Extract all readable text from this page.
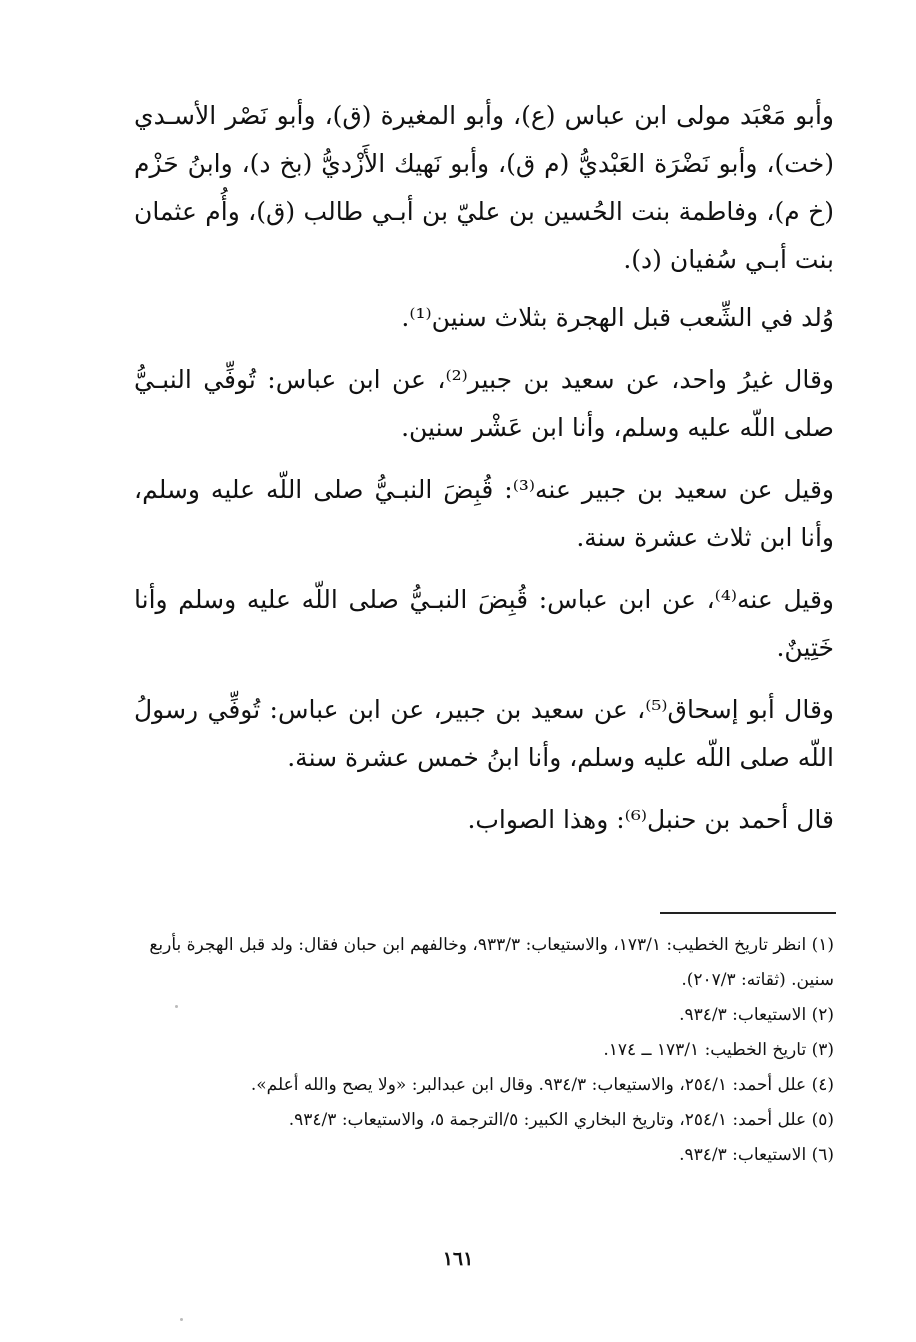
وأبو مَعْبَد مولى ابن عباس (ع)، وأبو المغيرة (ق)، وأبو نَصْر الأسـدي (خت)، وأبو نَضْرَة العَبْديُّ (م ق)، وأبو نَهيك الأَزْديُّ (بخ د)، وابنُ حَزْم (خ م)، وفاطمة بنت الحُسين بن عليّ بن أبـي طالب (ق)، وأُم عثمان بنت أبـي سُفيان (د).

وُلد في الشِّعب قبل الهجرة بثلاث سنين⁽¹⁾.

وقال غيرُ واحد، عن سعيد بن جبير⁽²⁾، عن ابن عباس: تُوفِّي النبـيُّ صلى اللّه عليه وسلم، وأنا ابن عَشْر سنين.

وقيل عن سعيد بن جبير عنه⁽³⁾: قُبِضَ النبـيُّ صلى اللّه عليه وسلم، وأنا ابن ثلاث عشرة سنة.

وقيل عنه⁽⁴⁾، عن ابن عباس: قُبِضَ النبـيُّ صلى اللّه عليه وسلم وأنا خَتِينٌ.

وقال أبو إسحاق⁽⁵⁾، عن سعيد بن جبير، عن ابن عباس: تُوفِّي رسولُ اللّه صلى اللّه عليه وسلم، وأنا ابنُ خمس عشرة سنة.

قال أحمد بن حنبل⁽⁶⁾: وهذا الصواب.

(١) انظر تاريخ الخطيب: ١٧٣/١، والاستيعاب: ٩٣٣/٣، وخالفهم ابن حبان فقال: ولد قبل الهجرة بأربع سنين. (ثقاته: ٢٠٧/٣).

(٢) الاستيعاب: ٩٣٤/٣.

(٣) تاريخ الخطيب: ١٧٣/١ ــ ١٧٤.

(٤) علل أحمد: ٢٥٤/١، والاستيعاب: ٩٣٤/٣. وقال ابن عبدالبر: «ولا يصح والله أعلم».

(٥) علل أحمد: ٢٥٤/١، وتاريخ البخاري الكبير: ٥/الترجمة ٥، والاستيعاب: ٩٣٤/٣.

(٦) الاستيعاب: ٩٣٤/٣.

١٦١
